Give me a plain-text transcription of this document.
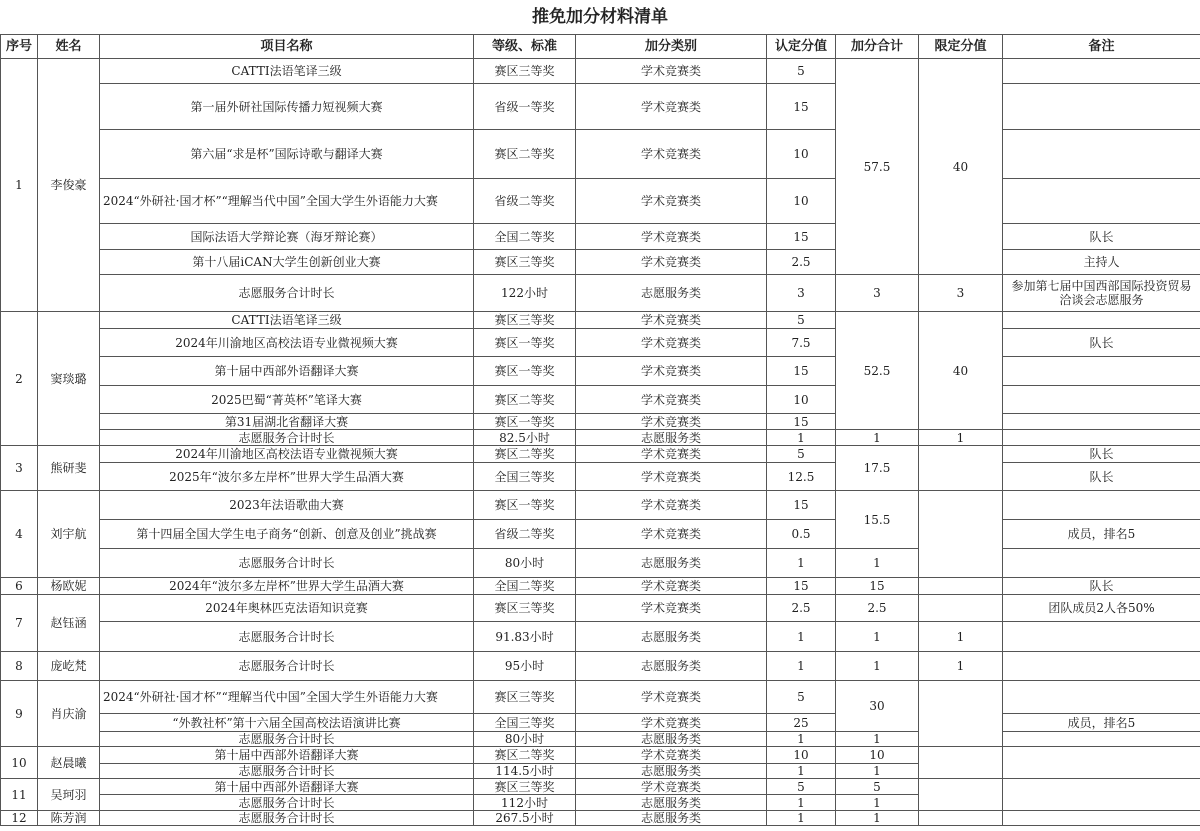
推免加分材料清单
序号	姓名	项目名称	等级、标准	加分类别	认定分值	加分合计	限定分值	备注
1	李俊豪	CATTI法语笔译三级	赛区三等奖	学术竞赛类	5	57.5	40	
		第一届外研社国际传播力短视频大赛	省级一等奖	学术竞赛类	15			
		第六届“求是杯”国际诗歌与翻译大赛	赛区二等奖	学术竞赛类	10			
		2024“外研社·国才杯”“理解当代中国”全国大学生外语能力大赛	省级二等奖	学术竞赛类	10			
		国际法语大学辩论赛（海牙辩论赛）	全国二等奖	学术竞赛类	15			队长
		第十八届iCAN大学生创新创业大赛	赛区三等奖	学术竞赛类	2.5			主持人
		志愿服务合计时长	122小时	志愿服务类	3	3	3	参加第七届中国西部国际投资贸易洽谈会志愿服务
2	窦琰璐	CATTI法语笔译三级	赛区三等奖	学术竞赛类	5	52.5	40	
		2024年川渝地区高校法语专业微视频大赛	赛区一等奖	学术竞赛类	7.5			队长
		第十届中西部外语翻译大赛	赛区一等奖	学术竞赛类	15			
		2025巴蜀“菁英杯”笔译大赛	赛区二等奖	学术竞赛类	10			
		第31届湖北省翻译大赛	赛区一等奖	学术竞赛类	15			
		志愿服务合计时长	82.5小时	志愿服务类	1	1	1	
3	熊研斐	2024年川渝地区高校法语专业微视频大赛	赛区二等奖	学术竞赛类	5	17.5		队长
		2025年“波尔多左岸杯”世界大学生品酒大赛	全国三等奖	学术竞赛类	12.5			队长
4	刘宇航	2023年法语歌曲大赛	赛区一等奖	学术竞赛类	15	15.5		
		第十四届全国大学生电子商务“创新、创意及创业”挑战赛	省级二等奖	学术竞赛类	0.5			成员，排名5
		志愿服务合计时长	80小时	志愿服务类	1	1		
6	杨欧妮	2024年“波尔多左岸杯”世界大学生品酒大赛	全国二等奖	学术竞赛类	15	15		队长
7	赵钰涵	2024年奥林匹克法语知识竞赛	赛区三等奖	学术竞赛类	2.5	2.5		团队成员2人各50%
		志愿服务合计时长	91.83小时	志愿服务类	1	1	1	
8	庞屹梵	志愿服务合计时长	95小时	志愿服务类	1	1	1	
9	肖庆渝	2024“外研社·国才杯”“理解当代中国”全国大学生外语能力大赛	赛区三等奖	学术竞赛类	5	30		
		“外教社杯”第十六届全国高校法语演讲比赛	全国三等奖	学术竞赛类	25			成员，排名5
		志愿服务合计时长	80小时	志愿服务类	1	1		
10	赵晨曦	第十届中西部外语翻译大赛	赛区二等奖	学术竞赛类	10	10		
		志愿服务合计时长	114.5小时	志愿服务类	1	1		
11	吴珂羽	第十届中西部外语翻译大赛	赛区三等奖	学术竞赛类	5	5		
		志愿服务合计时长	112小时	志愿服务类	1	1		
12	陈芳润	志愿服务合计时长	267.5小时	志愿服务类	1	1		
